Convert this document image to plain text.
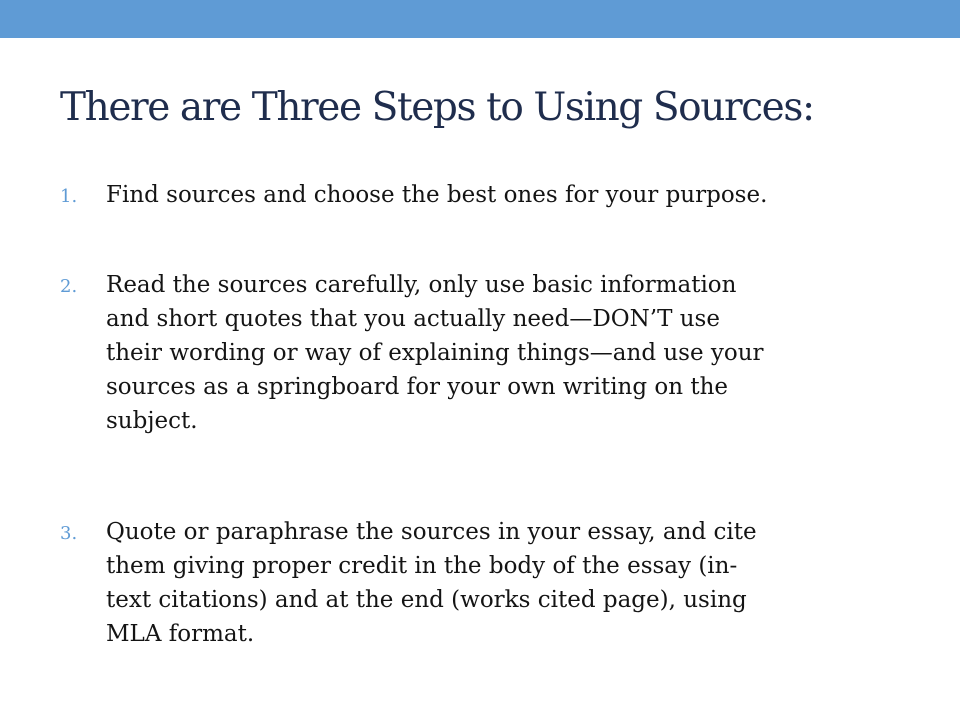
There are Three Steps to Using Sources:
1. Find sources and choose the best ones for your purpose.
2. Read the sources carefully, only use basic information
and short quotes that you actually need—DON’T use
their wording or way of explaining things—and use your
sources as a springboard for your own writing on the
subject.
3. Quote or paraphrase the sources in your essay, and cite
them giving proper credit in the body of the essay (in-
text citations) and at the end (works cited page), using
MLA format.
